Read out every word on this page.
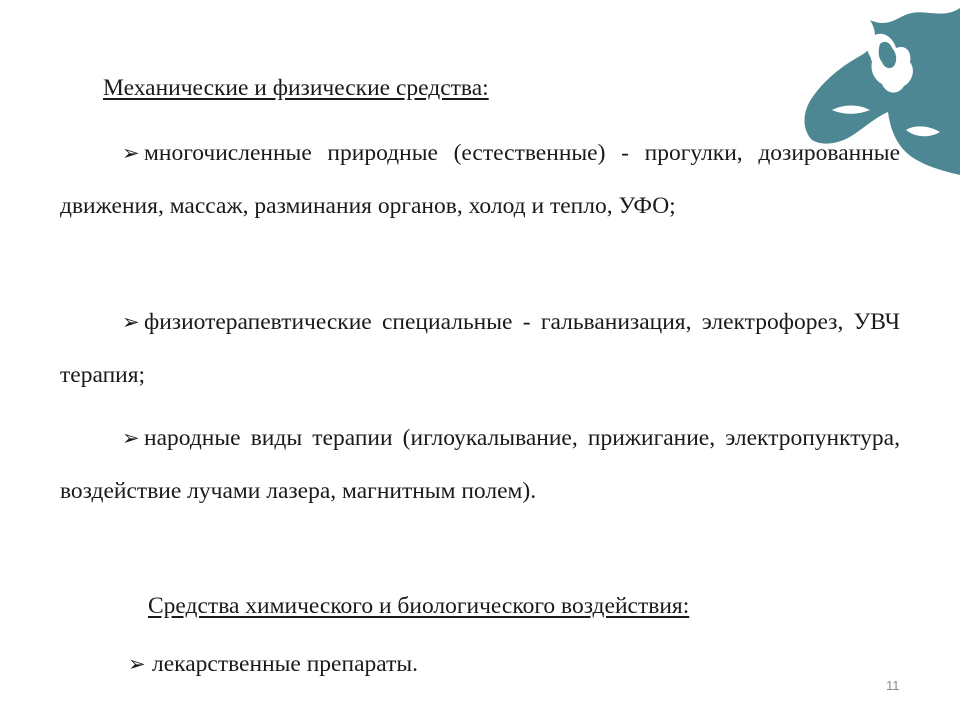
Механические и физические средства:
➢ многочисленные природные (естественные) - прогулки, дозированные движения, массаж, разминания органов, холод и тепло, УФО;
➢ физиотерапевтические специальные - гальванизация, электрофорез, УВЧ терапия;
➢ народные виды терапии (иглоукалывание, прижигание, электропунктура, воздействие лучами лазера, магнитным полем).
Средства химического и биологического воздействия:
➢ лекарственные препараты.
11
